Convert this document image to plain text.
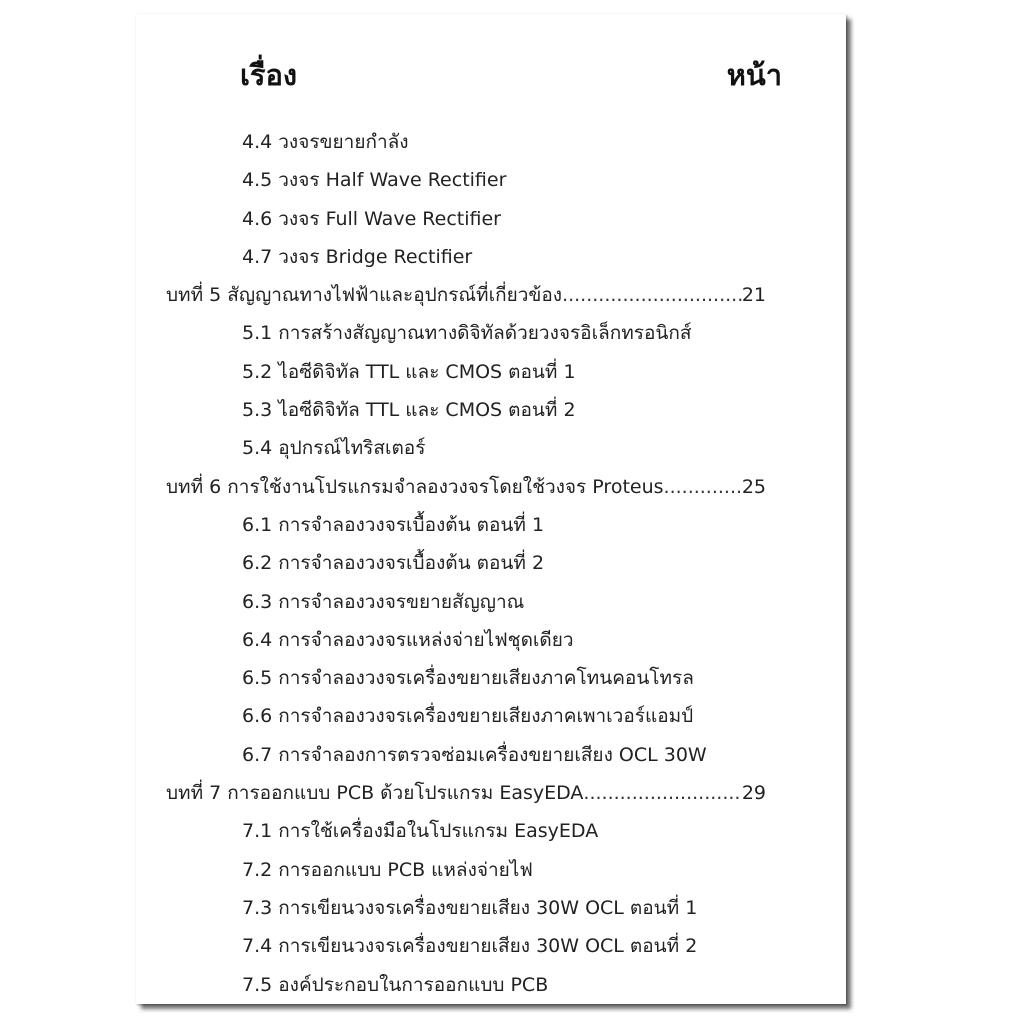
เรื่อง	หน้า
4.4 วงจรขยายกำลัง
4.5 วงจร Half Wave Rectifier
4.6 วงจร Full Wave Rectifier
4.7 วงจร Bridge Rectifier
บทที่ 5 สัญญาณทางไฟฟ้าและอุปกรณ์ที่เกี่ยวข้อง .....	21
5.1 การสร้างสัญญาณทางดิจิทัลด้วยวงจรอิเล็กทรอนิกส์
5.2 ไอซีดิจิทัล TTL และ CMOS ตอนที่ 1
5.3 ไอซีดิจิทัล TTL และ CMOS ตอนที่ 2
5.4 อุปกรณ์ไทริสเตอร์
บทที่ 6 การใช้งานโปรแกรมจำลองวงจรโดยใช้วงจร Proteus .....	25
6.1 การจำลองวงจรเบื้องต้น ตอนที่ 1
6.2 การจำลองวงจรเบื้องต้น ตอนที่ 2
6.3 การจำลองวงจรขยายสัญญาณ
6.4 การจำลองวงจรแหล่งจ่ายไฟชุดเดียว
6.5 การจำลองวงจรเครื่องขยายเสียงภาคโทนคอนโทรล
6.6 การจำลองวงจรเครื่องขยายเสียงภาคเพาเวอร์แอมป์
6.7 การจำลองการตรวจซ่อมเครื่องขยายเสียง OCL 30W
บทที่ 7 การออกแบบ PCB ด้วยโปรแกรม EasyEDA .....	29
7.1 การใช้เครื่องมือในโปรแกรม EasyEDA
7.2 การออกแบบ PCB แหล่งจ่ายไฟ
7.3 การเขียนวงจรเครื่องขยายเสียง 30W OCL ตอนที่ 1
7.4 การเขียนวงจรเครื่องขยายเสียง 30W OCL ตอนที่ 2
7.5 องค์ประกอบในการออกแบบ PCB
